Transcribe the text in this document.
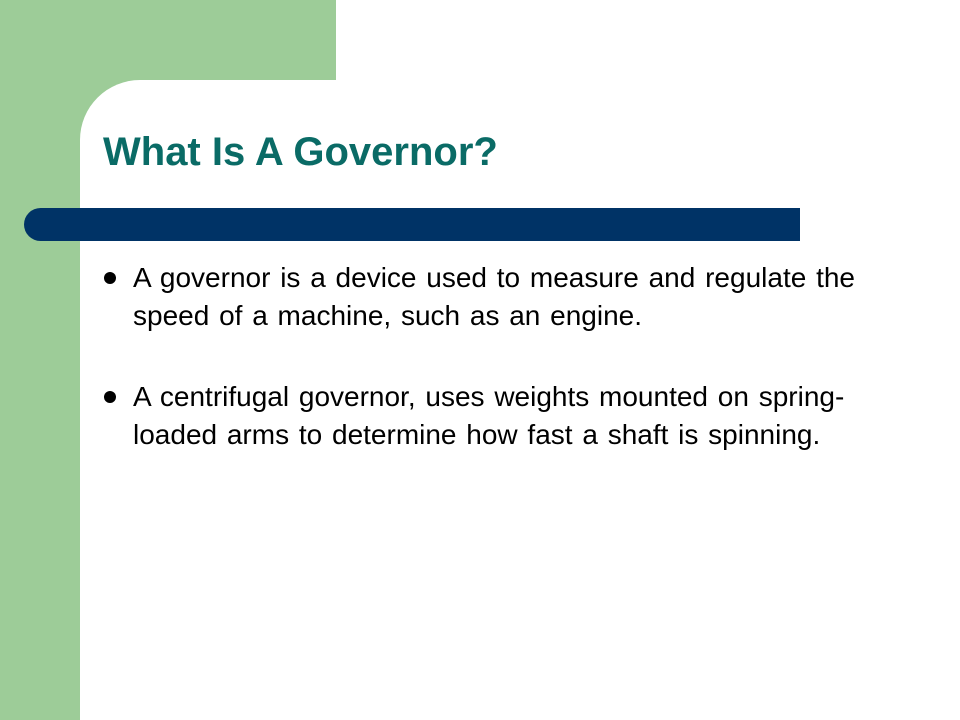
What Is A Governor?
A governor is a device used to measure and regulate the speed of a machine, such as an engine.
A centrifugal governor, uses weights mounted on spring-loaded arms to determine how fast a shaft is spinning.
